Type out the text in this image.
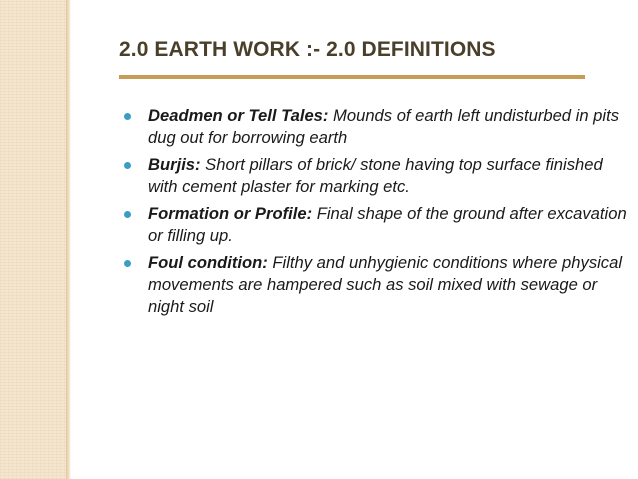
2.0 EARTH WORK :- 2.0 DEFINITIONS
Deadmen or Tell Tales: Mounds of earth left undisturbed in pits dug out for borrowing earth
Burjis: Short pillars of brick/ stone having top surface finished with cement plaster for marking etc.
Formation or Profile: Final shape of the ground after excavation or filling up.
Foul condition: Filthy and unhygienic conditions where physical movements are hampered such as soil mixed with sewage or night soil
